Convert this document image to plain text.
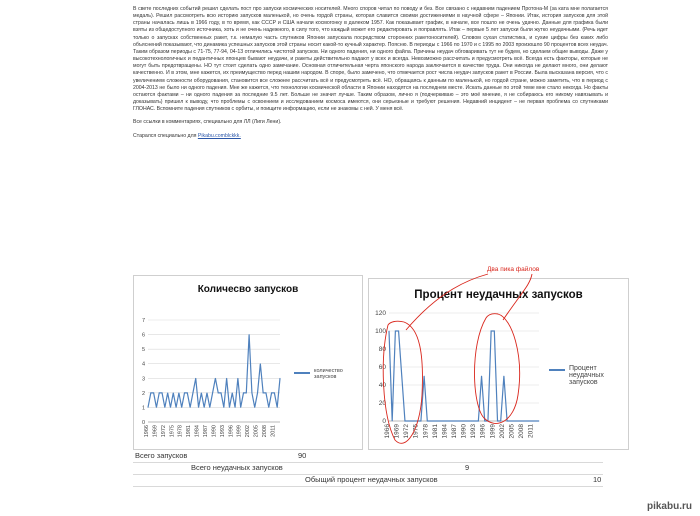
В свете последних событий решил сделать пост про запуски космических носителей. Много споров читал по поводу и без. Все связано с недавним падением Протона-М (за ката мне полагается медаль). Решил рассмотреть всю историю запусков маленькой, но очень гордой страны, которая славится своими достижениями в научной сфере – Японии. Итак, история запусков для этой страны началась лишь в 1966 году, в то время, как СССР и США начали космогонку в далеком 1957. Как показывает график, в начале, все пошло не очень удачно. Данные для графика были взяты из общедоступного источника, хоть и не очень надежного, в силу того, что каждый может его редактировать и поправлять. Итак – первые 5 лет запуски были жутко неудачными. (Речь идет только о запусках собственных ракет, т.к. немалую часть спутников Японии запускала посредством сторонних ракетоносителей). Словом сухая статистика, и сухие цифры без каких либо объяснений показывают, что динамика успешных запусков этой страны носит какой-то кучный характер. Поясню. В периоды с 1966 по 1970 и с 1995 по 2003 произошло 90 процентов всех неудач. Таким образом периоды с 71-75, 77-94, 04-13 отличились чистотой запусков. Ни одного падения, ни одного файла. Причины неудач обговаривать тут не будем, но сделаем общие выводы. Даже у высокотехнологичных и педантичных японцев бывают неудачи, и ракеты действительно падают у всех и всегда. Невозможно рассчитать и предусмотреть всё. Всегда есть факторы, которые не могут быть предотвращены. НО тут стоит сделать одно замечание. Основная отличительная черта японского народа заключается в качестве труда. Они никогда не делают много, они делают качественно. И в этом, мне кажется, их преимущество перед нашим народом. В споре, было замечено, что отмечается рост числа неудач запусков ракет в России. Была высказана версия, что с увеличением сложности оборудования, становится все сложнее рассчитать всё и предусмотреть всё. НО, обращаясь к данным по маленькой, но гордой стране, можно заметить, что в период с 2004-2013 не было ни одного падения. Мне же кажется, что технологии космической области в Японии находятся на последнем месте. Искать данные по этой теме мне стало некогда. Но факты остаются фактами – ни одного падения за последние 9.5 лет. Больше не значит лучше. Таким образом, лично я (подчеркиваю – это моё мнение, я не собираюсь его никому навязывать и доказывать) пришел к выводу, что проблемы с освоением и исследованием космоса имеются, они серьезные и требуют решения. Недавний инцидент – не первая проблема со спутниками ГЛОНАС. Вспомните падения спутников с орбиты, и поищите информацию, если не знакомы с ней. У меня всё.

Все ссылки в комментариях, специально для ЛЛ (Лиги Лени).

Старался специально для Pikabu.comblckkk.

Количесво запусков
0
1
2
3
4
5
6
7
1966 1969 1972 1975 1978 1981 1984 1987 1990 1993 1996 1999 2002 2005 2008 2011
количество запусков
Процент неудачных запусков
0
20
40
60
80
100
120
1966 1969 1972 1975 1978 1981 1984 1987 1990 1993 1996 1999 2002 2005 2008 2011
Процент неудачных запусков
Два пика файлов
Всего запусков	90
Всего неудачных запусков	9
Обыщий процент неудачных запусков	10
pikabu.ru
